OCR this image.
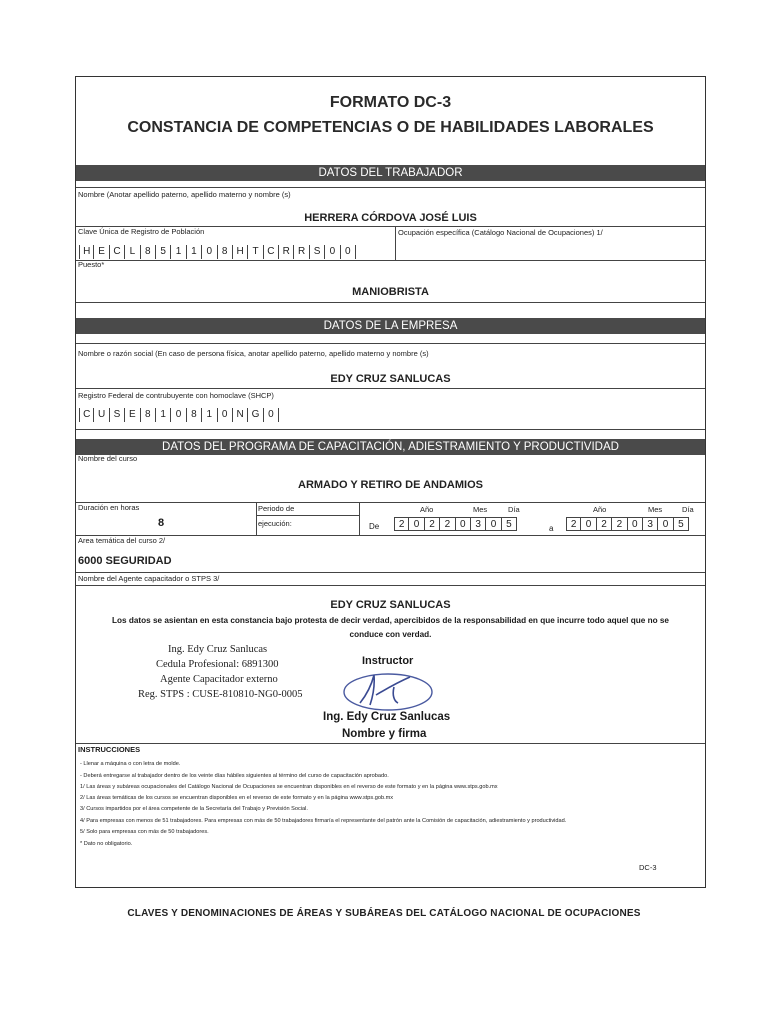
FORMATO DC-3
CONSTANCIA DE COMPETENCIAS O DE HABILIDADES LABORALES
DATOS DEL TRABAJADOR
Nombre (Anotar apellido paterno, apellido materno y nombre (s)
HERRERA CÓRDOVA JOSÉ LUIS
Clave Única de Registro de Población	Ocupación específica (Catálogo Nacional de Ocupaciones) 1/
H E C L 8 5 1 1 0 8 H T C R R S 0 0
Puesto*
MANIOBRISTA
DATOS DE LA EMPRESA
Nombre o razón social (En caso de persona física, anotar apellido paterno, apellido materno y nombre (s)
EDY CRUZ SANLUCAS
Registro Federal de contrubuyente con homoclave (SHCP)
C U S E 8 1 0 8 1 0 N G 0
DATOS DEL PROGRAMA DE CAPACITACIÓN, ADIESTRAMIENTO Y PRODUCTIVIDAD
Nombre del curso
ARMADO Y RETIRO DE ANDAMIOS
Duración en horas
8
Periodo de
ejecución:
Año	Mes	Día	Año	Mes	Día
De	2 0 2 2 0 3 0 5	a	2 0 2 2 0 3 0 5
Area temática del curso 2/
6000 SEGURIDAD
Nombre del Agente capacitador o STPS 3/
EDY CRUZ SANLUCAS
Los datos se asientan en esta constancia bajo protesta de decir verdad, apercibidos de la responsabilidad en que incurre todo aquel que no se
conduce con verdad.
Ing. Edy Cruz Sanlucas
Cedula Profesional: 6891300
Agente Capacitador externo
Reg. STPS : CUSE-810810-NG0-0005
Instructor
Ing. Edy Cruz Sanlucas
Nombre y firma
INSTRUCCIONES
- Llenar a máquina o con letra de molde.
- Deberá entregarse al trabajador dentro de los veinte días hábiles siguientes al término del curso de capacitación aprobado.
1/ Las áreas y subáreas ocupacionales del Catálogo Nacional de Ocupaciones se encuentran disponibles en el reverso de este formato y en la página www.stps.gob.mx
2/ Las áreas temáticas de los cursos se encuentran disponibles en el reverso de este formato y en la página www.stps.gob.mx
3/ Cursos impartidos por el área competente de la Secretaría del Trabajo y Previsión Social.
4/ Para empresas con menos de 51 trabajadores. Para empresas con más de 50 trabajadores firmaría el representante del patrón ante la Comisión de capacitación, adiestramiento y productividad.
5/ Solo para empresas con más de 50 trabajadores.
* Dato no obligatorio.
DC-3
CLAVES Y DENOMINACIONES DE ÁREAS Y SUBÁREAS DEL CATÁLOGO NACIONAL DE OCUPACIONES
